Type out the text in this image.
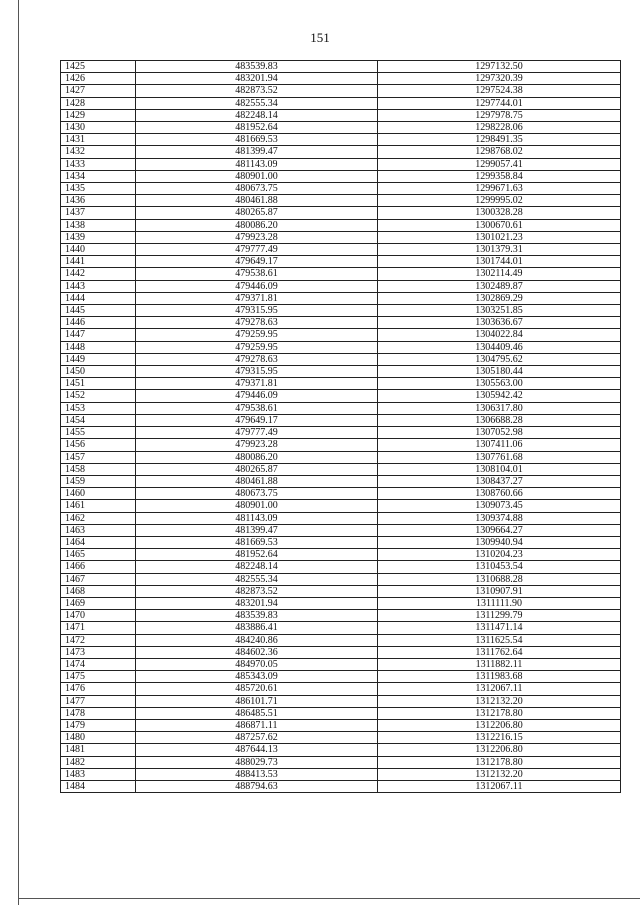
151
1425	483539.83	1297132.50
1426	483201.94	1297320.39
1427	482873.52	1297524.38
1428	482555.34	1297744.01
1429	482248.14	1297978.75
1430	481952.64	1298228.06
1431	481669.53	1298491.35
1432	481399.47	1298768.02
1433	481143.09	1299057.41
1434	480901.00	1299358.84
1435	480673.75	1299671.63
1436	480461.88	1299995.02
1437	480265.87	1300328.28
1438	480086.20	1300670.61
1439	479923.28	1301021.23
1440	479777.49	1301379.31
1441	479649.17	1301744.01
1442	479538.61	1302114.49
1443	479446.09	1302489.87
1444	479371.81	1302869.29
1445	479315.95	1303251.85
1446	479278.63	1303636.67
1447	479259.95	1304022.84
1448	479259.95	1304409.46
1449	479278.63	1304795.62
1450	479315.95	1305180.44
1451	479371.81	1305563.00
1452	479446.09	1305942.42
1453	479538.61	1306317.80
1454	479649.17	1306688.28
1455	479777.49	1307052.98
1456	479923.28	1307411.06
1457	480086.20	1307761.68
1458	480265.87	1308104.01
1459	480461.88	1308437.27
1460	480673.75	1308760.66
1461	480901.00	1309073.45
1462	481143.09	1309374.88
1463	481399.47	1309664.27
1464	481669.53	1309940.94
1465	481952.64	1310204.23
1466	482248.14	1310453.54
1467	482555.34	1310688.28
1468	482873.52	1310907.91
1469	483201.94	1311111.90
1470	483539.83	1311299.79
1471	483886.41	1311471.14
1472	484240.86	1311625.54
1473	484602.36	1311762.64
1474	484970.05	1311882.11
1475	485343.09	1311983.68
1476	485720.61	1312067.11
1477	486101.71	1312132.20
1478	486485.51	1312178.80
1479	486871.11	1312206.80
1480	487257.62	1312216.15
1481	487644.13	1312206.80
1482	488029.73	1312178.80
1483	488413.53	1312132.20
1484	488794.63	1312067.11
